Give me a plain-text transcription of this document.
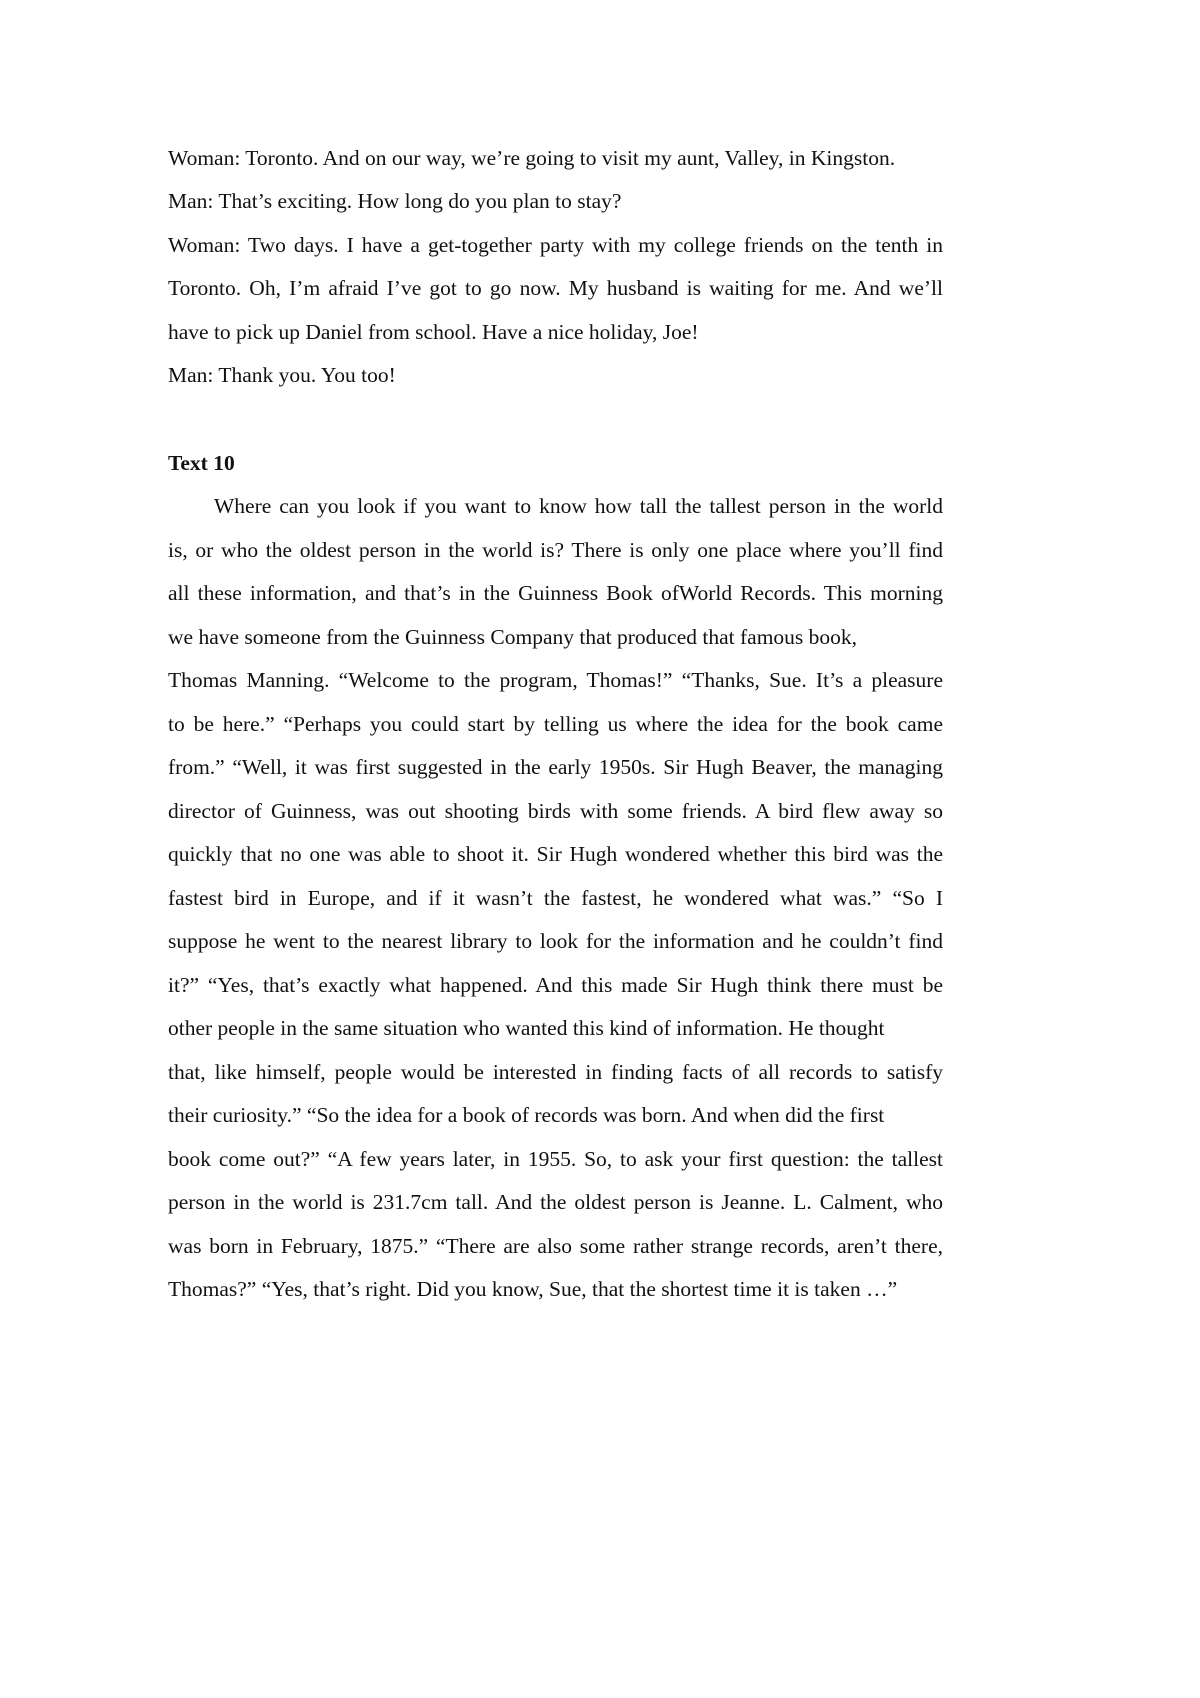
Woman: Toronto. And on our way, we’re going to visit my aunt, Valley, in Kingston.
Man: That’s exciting. How long do you plan to stay?
Woman: Two days. I have a get-together party with my college friends on the tenth in
Toronto. Oh, I’m afraid I’ve got to go now. My husband is waiting for me. And we’ll
have to pick up Daniel from school. Have a nice holiday, Joe!
Man: Thank you. You too!
Text 10
Where can you look if you want to know how tall the tallest person in the world
is, or who the oldest person in the world is? There is only one place where you’ll find
all these information, and that’s in the Guinness Book ofWorld Records. This morning
we have someone from the Guinness Company that produced that famous book,
Thomas Manning. “Welcome to the program, Thomas!” “Thanks, Sue. It’s a pleasure
to be here.” “Perhaps you could start by telling us where the idea for the book came
from.” “Well, it was first suggested in the early 1950s. Sir Hugh Beaver, the managing
director of Guinness, was out shooting birds with some friends. A bird flew away so
quickly that no one was able to shoot it. Sir Hugh wondered whether this bird was the
fastest bird in Europe, and if it wasn’t the fastest, he wondered what was.” “So I
suppose he went to the nearest library to look for the information and he couldn’t find
it?” “Yes, that’s exactly what happened. And this made Sir Hugh think there must be
other people in the same situation who wanted this kind of information. He thought
that, like himself, people would be interested in finding facts of all records to satisfy
their curiosity.” “So the idea for a book of records was born. And when did the first
book come out?” “A few years later, in 1955. So, to ask your first question: the tallest
person in the world is 231.7cm tall. And the oldest person is Jeanne. L. Calment, who
was born in February, 1875.” “There are also some rather strange records, aren’t there,
Thomas?” “Yes, that’s right. Did you know, Sue, that the shortest time it is taken …”
